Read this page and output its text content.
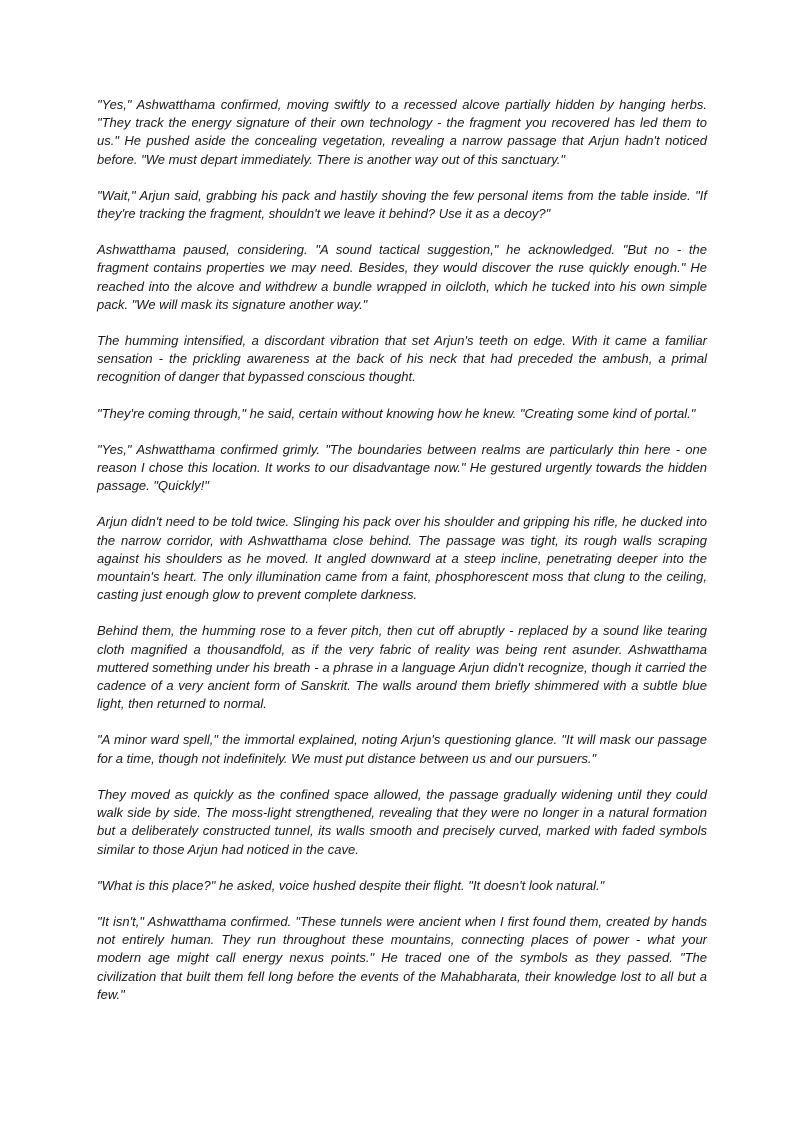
"Yes," Ashwatthama confirmed, moving swiftly to a recessed alcove partially hidden by hanging herbs. "They track the energy signature of their own technology - the fragment you recovered has led them to us." He pushed aside the concealing vegetation, revealing a narrow passage that Arjun hadn't noticed before. "We must depart immediately. There is another way out of this sanctuary."

"Wait," Arjun said, grabbing his pack and hastily shoving the few personal items from the table inside. "If they're tracking the fragment, shouldn't we leave it behind? Use it as a decoy?"

Ashwatthama paused, considering. "A sound tactical suggestion," he acknowledged. "But no - the fragment contains properties we may need. Besides, they would discover the ruse quickly enough." He reached into the alcove and withdrew a bundle wrapped in oilcloth, which he tucked into his own simple pack. "We will mask its signature another way."

The humming intensified, a discordant vibration that set Arjun's teeth on edge. With it came a familiar sensation - the prickling awareness at the back of his neck that had preceded the ambush, a primal recognition of danger that bypassed conscious thought.

"They're coming through," he said, certain without knowing how he knew. "Creating some kind of portal."

"Yes," Ashwatthama confirmed grimly. "The boundaries between realms are particularly thin here - one reason I chose this location. It works to our disadvantage now." He gestured urgently towards the hidden passage. "Quickly!"

Arjun didn't need to be told twice. Slinging his pack over his shoulder and gripping his rifle, he ducked into the narrow corridor, with Ashwatthama close behind. The passage was tight, its rough walls scraping against his shoulders as he moved. It angled downward at a steep incline, penetrating deeper into the mountain's heart. The only illumination came from a faint, phosphorescent moss that clung to the ceiling, casting just enough glow to prevent complete darkness.

Behind them, the humming rose to a fever pitch, then cut off abruptly - replaced by a sound like tearing cloth magnified a thousandfold, as if the very fabric of reality was being rent asunder. Ashwatthama muttered something under his breath - a phrase in a language Arjun didn't recognize, though it carried the cadence of a very ancient form of Sanskrit. The walls around them briefly shimmered with a subtle blue light, then returned to normal.

"A minor ward spell," the immortal explained, noting Arjun's questioning glance. "It will mask our passage for a time, though not indefinitely. We must put distance between us and our pursuers."

They moved as quickly as the confined space allowed, the passage gradually widening until they could walk side by side. The moss-light strengthened, revealing that they were no longer in a natural formation but a deliberately constructed tunnel, its walls smooth and precisely curved, marked with faded symbols similar to those Arjun had noticed in the cave.

"What is this place?" he asked, voice hushed despite their flight. "It doesn't look natural."

"It isn't," Ashwatthama confirmed. "These tunnels were ancient when I first found them, created by hands not entirely human. They run throughout these mountains, connecting places of power - what your modern age might call energy nexus points." He traced one of the symbols as they passed. "The civilization that built them fell long before the events of the Mahabharata, their knowledge lost to all but a few."
